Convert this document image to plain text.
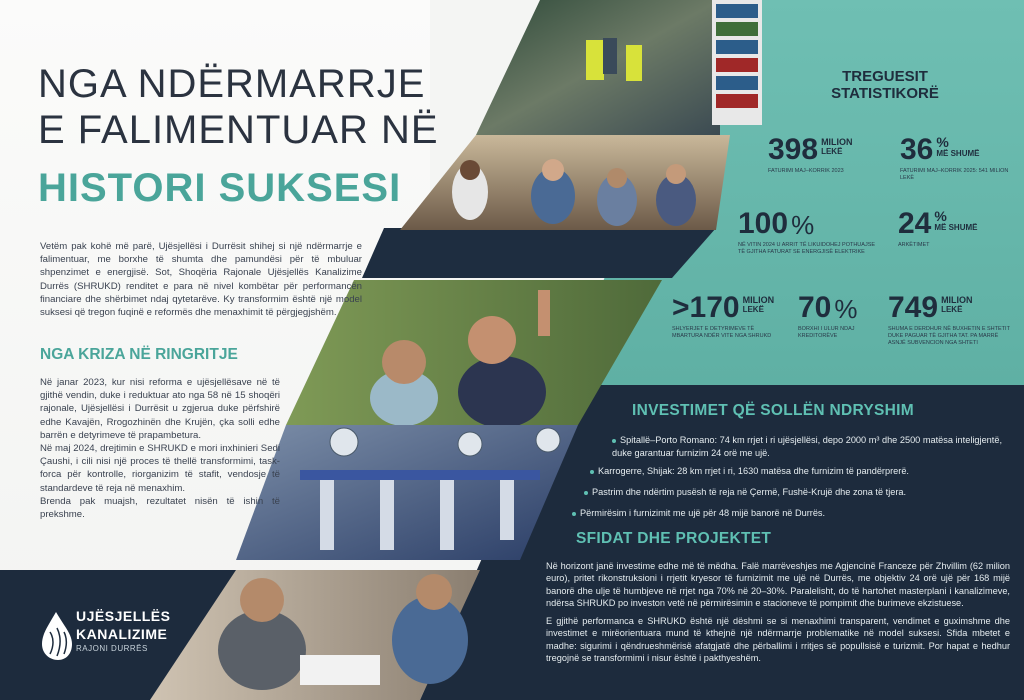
NGA NDËRMARRJE
E FALIMENTUAR NË
HISTORI SUKSESI
Vetëm pak kohë më parë, Ujësjellësi i Durrësit shihej si një ndërmarrje e falimentuar, me borxhe të shumta dhe pamundësi për të mbuluar shpenzimet e energjisë. Sot, Shoqëria Rajonale Ujësjellës Kanalizime Durrës (SHRUKD) renditet e para në nivel kombëtar për performancën financiare dhe shërbimet ndaj qytetarëve. Ky transformim është një model suksesi që tregon fuqinë e reformës dhe menaxhimit të përgjegjshëm.
NGA KRIZA NË RINGRITJE

Në janar 2023, kur nisi reforma e ujësjellësave në të gjithë vendin, duke i reduktuar ato nga 58 në 15 shoqëri rajonale, Ujësjellësi i Durrësit u zgjerua duke përfshirë edhe Kavajën, Rrogozhinën dhe Krujën, çka solli edhe barrën e detyrimeve të prapambetura.

Në maj 2024, drejtimin e SHRUKD e mori inxhinieri Sedi Çaushi, i cili nisi një proces të thellë transformimi, task-forca për kontrolle, riorganizim të stafit, vendosje të standardeve të reja në menaxhim.

Brenda pak muajsh, rezultatet nisën të ishin të prekshme.

UJËSJELLËS
KANALIZIME
RAJONI DURRËS
TREGUESIT
STATISTIKORË
398 MILION
LEKË
FATURIMI MAJ–KORRIK 2023
36 %
MË SHUMË
FATURIMI MAJ–KORRIK 2025: 541 MILION LEKË
100 %
NË VITIN 2024 U ARRIT TË LIKUIDOHEJ POTHUAJSE TË GJITHA FATURAT SE ENERGJISË ELEKTRIKE
24 %
MË SHUMË
ARKËTIMET
>170 MILION
LEKË
SHLYERJET E DETYRIMEVE TË MBARTURA NDËR VITE NGA SHRUKD
70 %
BORXHI I ULUR NDAJ KREDITORËVE
749 MILION
LEKË
SHUMA E DERDHUR NË BUXHETIN E SHTETIT DUKE PAGUAR TË GJITHA TAT. PA MARRË ASNJË SUBVENCION NGA SHTETI
INVESTIMET QË SOLLËN NDRYSHIM
Spitallë–Porto Romano: 74 km rrjet i ri ujësjellësi, depo 2000 m³ dhe 2500 matësa inteligjentë, duke garantuar furnizim 24 orë me ujë.
Karrogerre, Shijak: 28 km rrjet i ri, 1630 matësa dhe furnizim të pandërprerë.
Pastrim dhe ndërtim pusësh të reja në Çermë, Fushë-Krujë dhe zona të tjera.
Përmirësim i furnizimit me ujë për 48 mijë banorë në Durrës.
SFIDAT DHE PROJEKTET

Në horizont janë investime edhe më të mëdha. Falë marrëveshjes me Agjencinë Franceze për Zhvillim (62 milion euro), pritet rikonstruksioni i rrjetit kryesor të furnizimit me ujë në Durrës, me objektiv 24 orë ujë për 168 mijë banorë dhe ulje të humbjeve në rrjet nga 70% në 20–30%. Paralelisht, do të hartohet masterplani i kanalizimeve, ndërsa SHRUKD po investon vetë në përmirësimin e stacioneve të pompimit dhe burimeve ekzistuese.

E gjithë performanca e SHRUKD është një dëshmi se si menaxhimi transparent, vendimet e guximshme dhe investimet e mirëorientuara mund të kthejnë një ndërmarrje problematike në model suksesi. Sfida mbetet e madhe: sigurimi i qëndrueshmërisë afatgjatë dhe përballimi i rritjes së popullsisë e turizmit. Por hapat e hedhur tregojnë se transformimi i nisur është i pakthyeshëm.
